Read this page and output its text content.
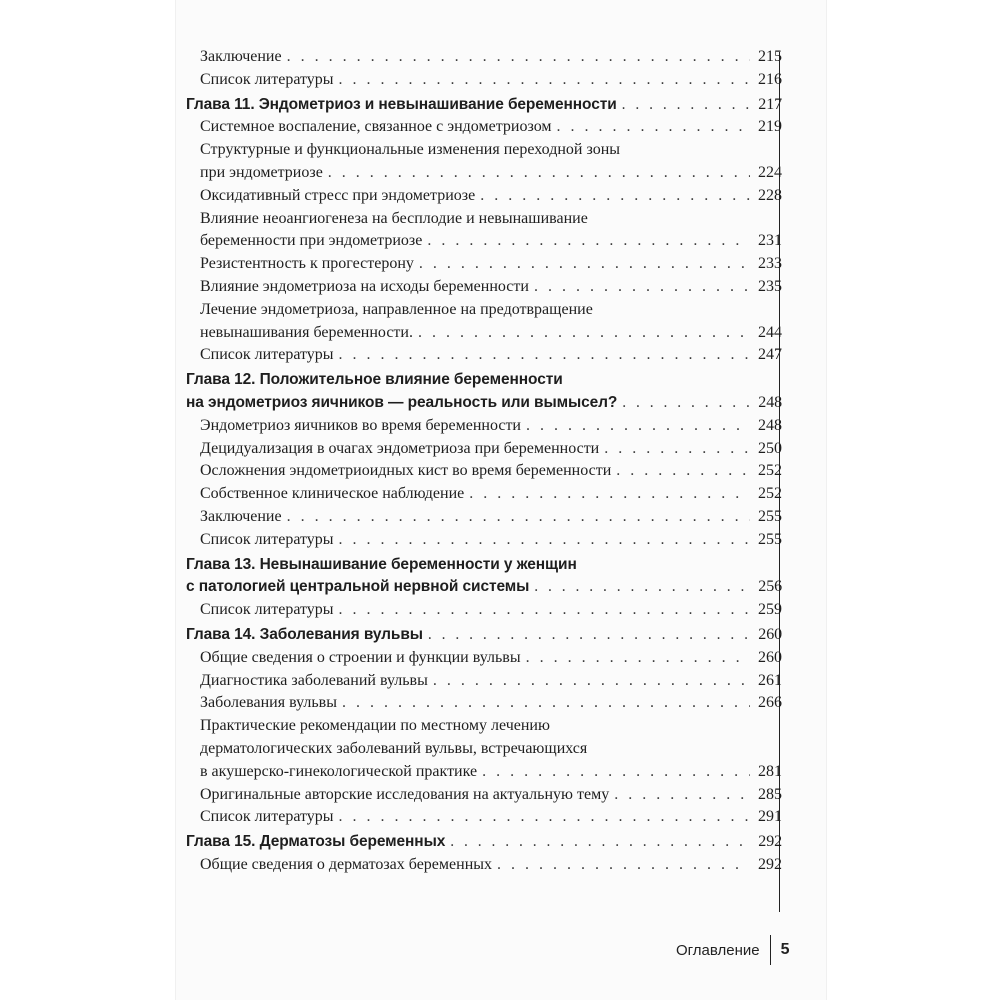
Заключение . . .	215
Список литературы . . .	216
Глава 11. Эндометриоз и невынашивание беременности . . .	217
Системное воспаление, связанное с эндометриозом . . .	219
Структурные и функциональные изменения переходной зоны
при эндометриозе . . .	224
Оксидативный стресс при эндометриозе . . .	228
Влияние неоангиогенеза на бесплодие и невынашивание
беременности при эндометриозе . . .	231
Резистентность к прогестерону . . .	233
Влияние эндометриоза на исходы беременности . . .	235
Лечение эндометриоза, направленное на предотвращение
невынашивания беременности. . . .	244
Список литературы . . .	247
Глава 12. Положительное влияние беременности
на эндометриоз яичников — реальность или вымысел? . . .	248
Эндометриоз яичников во время беременности . . .	248
Децидуализация в очагах эндометриоза при беременности . . .	250
Осложнения эндометриоидных кист во время беременности . . .	252
Собственное клиническое наблюдение . . .	252
Заключение . . .	255
Список литературы . . .	255
Глава 13. Невынашивание беременности у женщин
с патологией центральной нервной системы . . .	256
Список литературы . . .	259
Глава 14. Заболевания вульвы . . .	260
Общие сведения о строении и функции вульвы . . .	260
Диагностика заболеваний вульвы . . .	261
Заболевания вульвы . . .	266
Практические рекомендации по местному лечению
дерматологических заболеваний вульвы, встречающихся
в акушерско-гинекологической практике . . .	281
Оригинальные авторские исследования на актуальную тему . . .	285
Список литературы . . .	291
Глава 15. Дерматозы беременных . . .	292
Общие сведения о дерматозах беременных . . .	292
Оглавление 5
